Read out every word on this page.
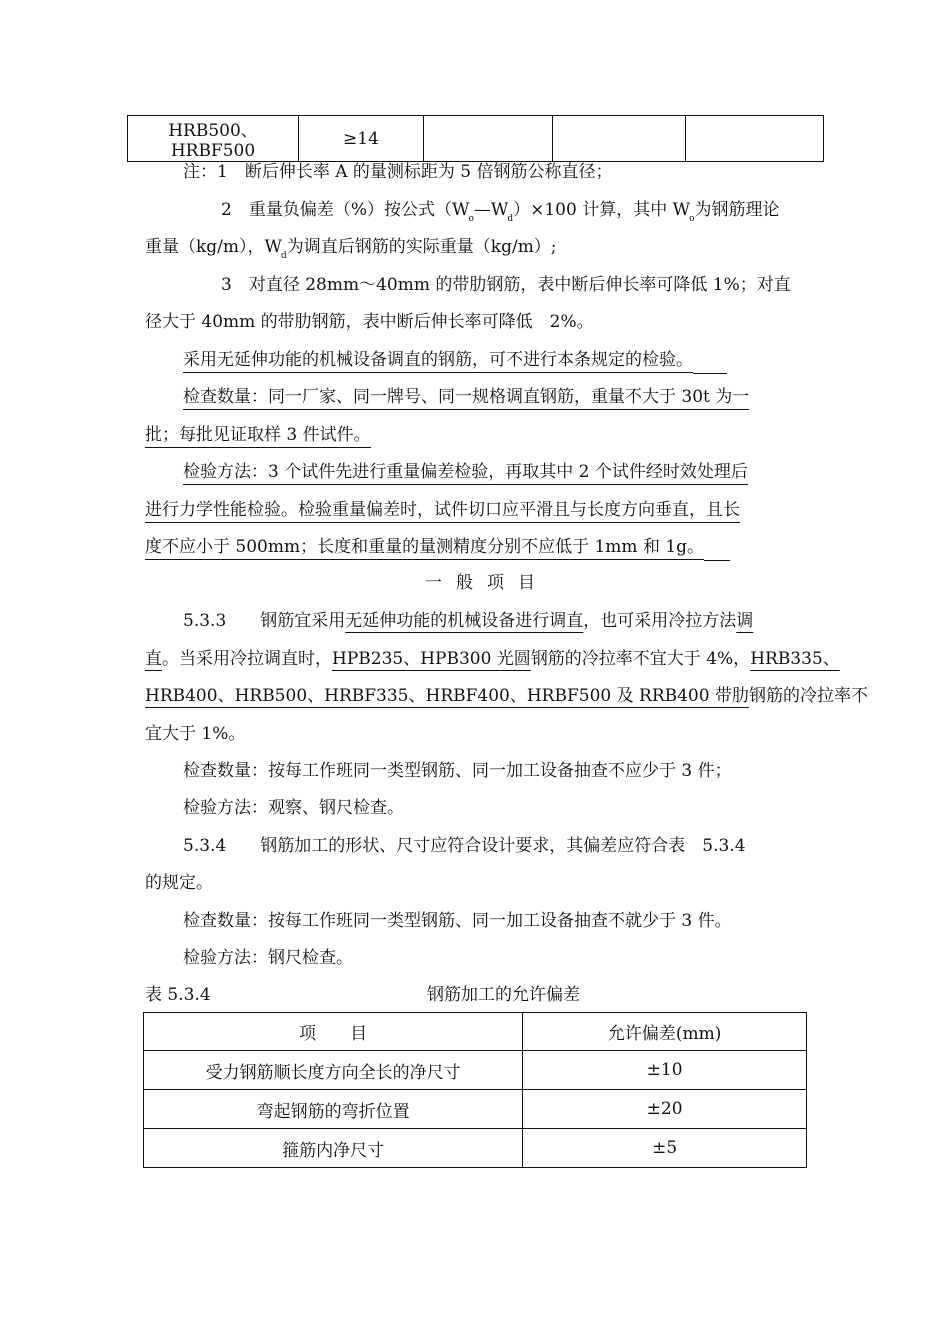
HRB500、HRBF500	≥14			
注：1　断后伸长率 A 的量测标距为 5 倍钢筋公称直径；
2　重量负偏差（%）按公式$(W_o—W_d)\times 100$ 计算，其中 $W_o$为钢筋理论
重量（kg/m），$W_d$为调直后钢筋的实际重量（kg/m）;
3　对直径 28mm～40mm 的带肋钢筋，表中断后伸长率可降低 1%；对直
径大于 40mm 的带肋钢筋，表中断后伸长率可降低　2%。
采用无延伸功能的机械设备调直的钢筋，可不进行本条规定的检验。
检查数量：同一厂家、同一牌号、同一规格调直钢筋，重量不大于 30t 为一
批；每批见证取样 3 件试件。
检验方法：3 个试件先进行重量偏差检验，再取其中 2 个试件经时效处理后
进行力学性能检验。检验重量偏差时，试件切口应平滑且与长度方向垂直，且长
度不应小于 500mm；长度和重量的量测精度分别不应低于 1mm 和 1g。
一般项目
5.3.3　　钢筋宜采用无延伸功能的机械设备进行调直，也可采用冷拉方法调
直。当采用冷拉调直时，HPB235、HPB300 光圆钢筋的冷拉率不宜大于 4%，HRB335、
HRB400、HRB500、HRBF335、HRBF400、HRBF500 及 RRB400 带肋钢筋的冷拉率不
宜大于 1%。
检查数量：按每工作班同一类型钢筋、同一加工设备抽查不应少于 3 件；
检验方法：观察、钢尺检查。
5.3.4　　钢筋加工的形状、尺寸应符合设计要求，其偏差应符合表　5.3.4
的规定。
检查数量：按每工作班同一类型钢筋、同一加工设备抽查不就少于 3 件。
检验方法：钢尺检查。
表 5.3.4	钢筋加工的允许偏差
项　　目	允许偏差(mm)
受力钢筋顺长度方向全长的净尺寸	±10
弯起钢筋的弯折位置	±20
箍筋内净尺寸	±5
